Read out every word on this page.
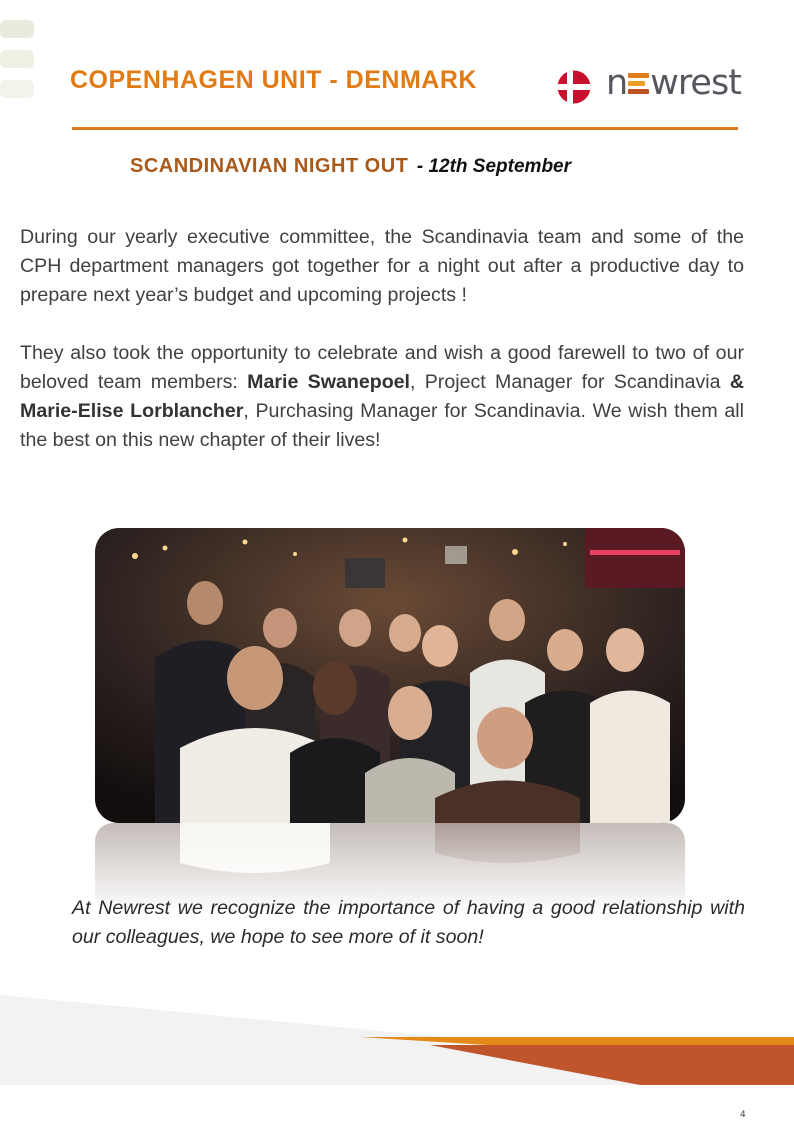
COPENHAGEN UNIT - DENMARK	n wrest
SCANDINAVIAN NIGHT OUT - 12th September

During our yearly executive committee, the Scandinavia team and some of the CPH department managers got together for a night out after a productive day to prepare next year’s budget and upcoming projects !

They also took the opportunity to celebrate and wish a good farewell to two of our beloved team members: Marie Swanepoel, Project Manager for Scandinavia & Marie-Elise Lorblancher, Purchasing Manager for Scandinavia. We wish them all the best on this new chapter of their lives!

At Newrest we recognize the importance of having a good relationship with our colleagues, we hope to see more of it soon!

4
